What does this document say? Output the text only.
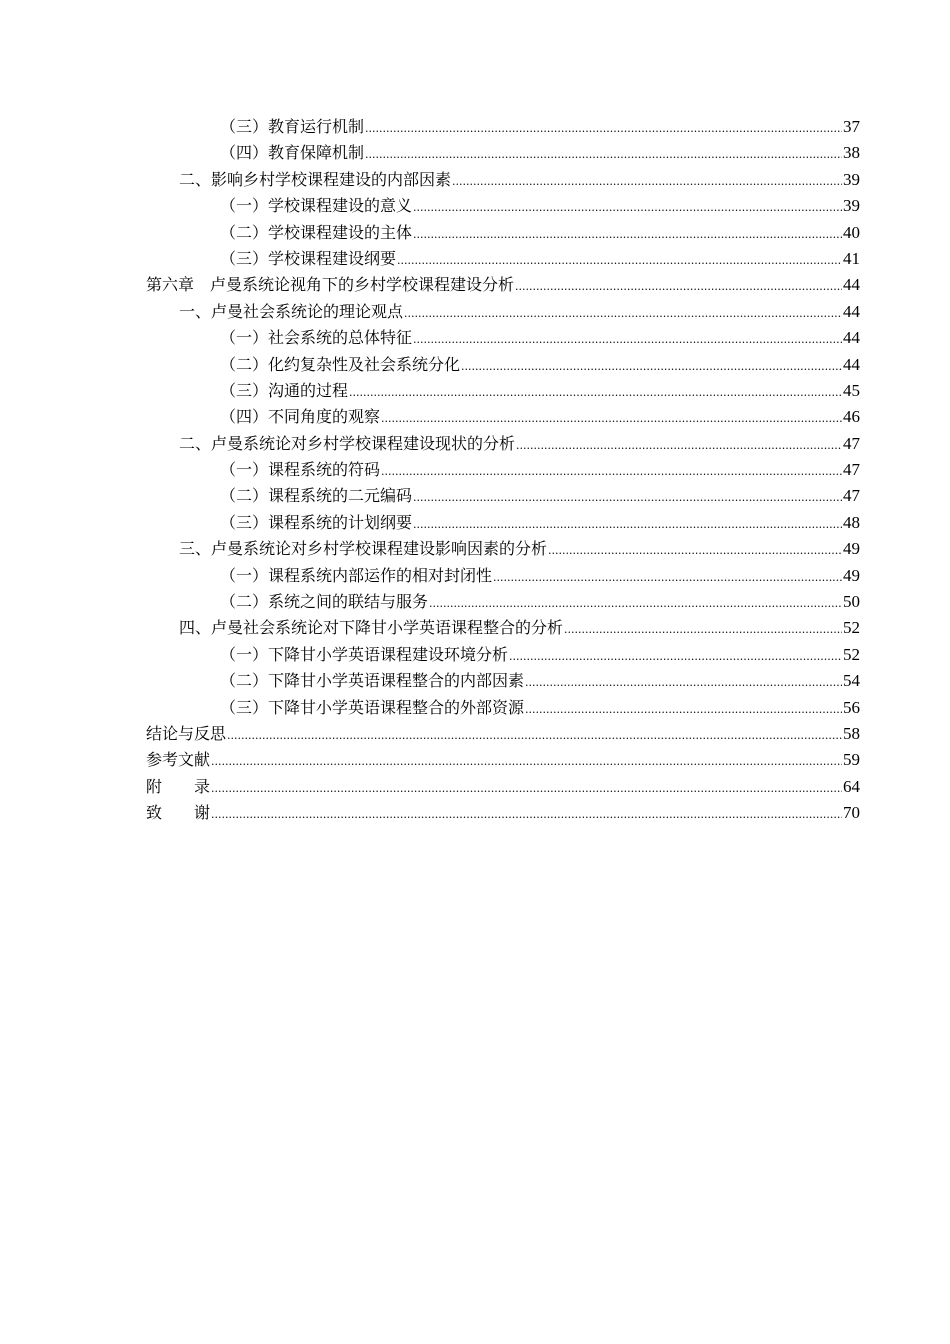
（三）教育运行机制 .....	37
（四）教育保障机制 .....	38
二、影响乡村学校课程建设的内部因素 .....	39
（一）学校课程建设的意义 .....	39
（二）学校课程建设的主体 .....	40
（三）学校课程建设纲要 .....	41
第六章　卢曼系统论视角下的乡村学校课程建设分析 .....	44
一、卢曼社会系统论的理论观点 .....	44
（一）社会系统的总体特征 .....	44
（二）化约复杂性及社会系统分化 .....	44
（三）沟通的过程 .....	45
（四）不同角度的观察 .....	46
二、卢曼系统论对乡村学校课程建设现状的分析 .....	47
（一）课程系统的符码 .....	47
（二）课程系统的二元编码 .....	47
（三）课程系统的计划纲要 .....	48
三、卢曼系统论对乡村学校课程建设影响因素的分析 .....	49
（一）课程系统内部运作的相对封闭性 .....	49
（二）系统之间的联结与服务 .....	50
四、卢曼社会系统论对下降甘小学英语课程整合的分析 .....	52
（一）下降甘小学英语课程建设环境分析 .....	52
（二）下降甘小学英语课程整合的内部因素 .....	54
（三）下降甘小学英语课程整合的外部资源 .....	56
结论与反思 .....	58
参考文献 .....	59
附　　录 .....	64
致　　谢 .....	70
